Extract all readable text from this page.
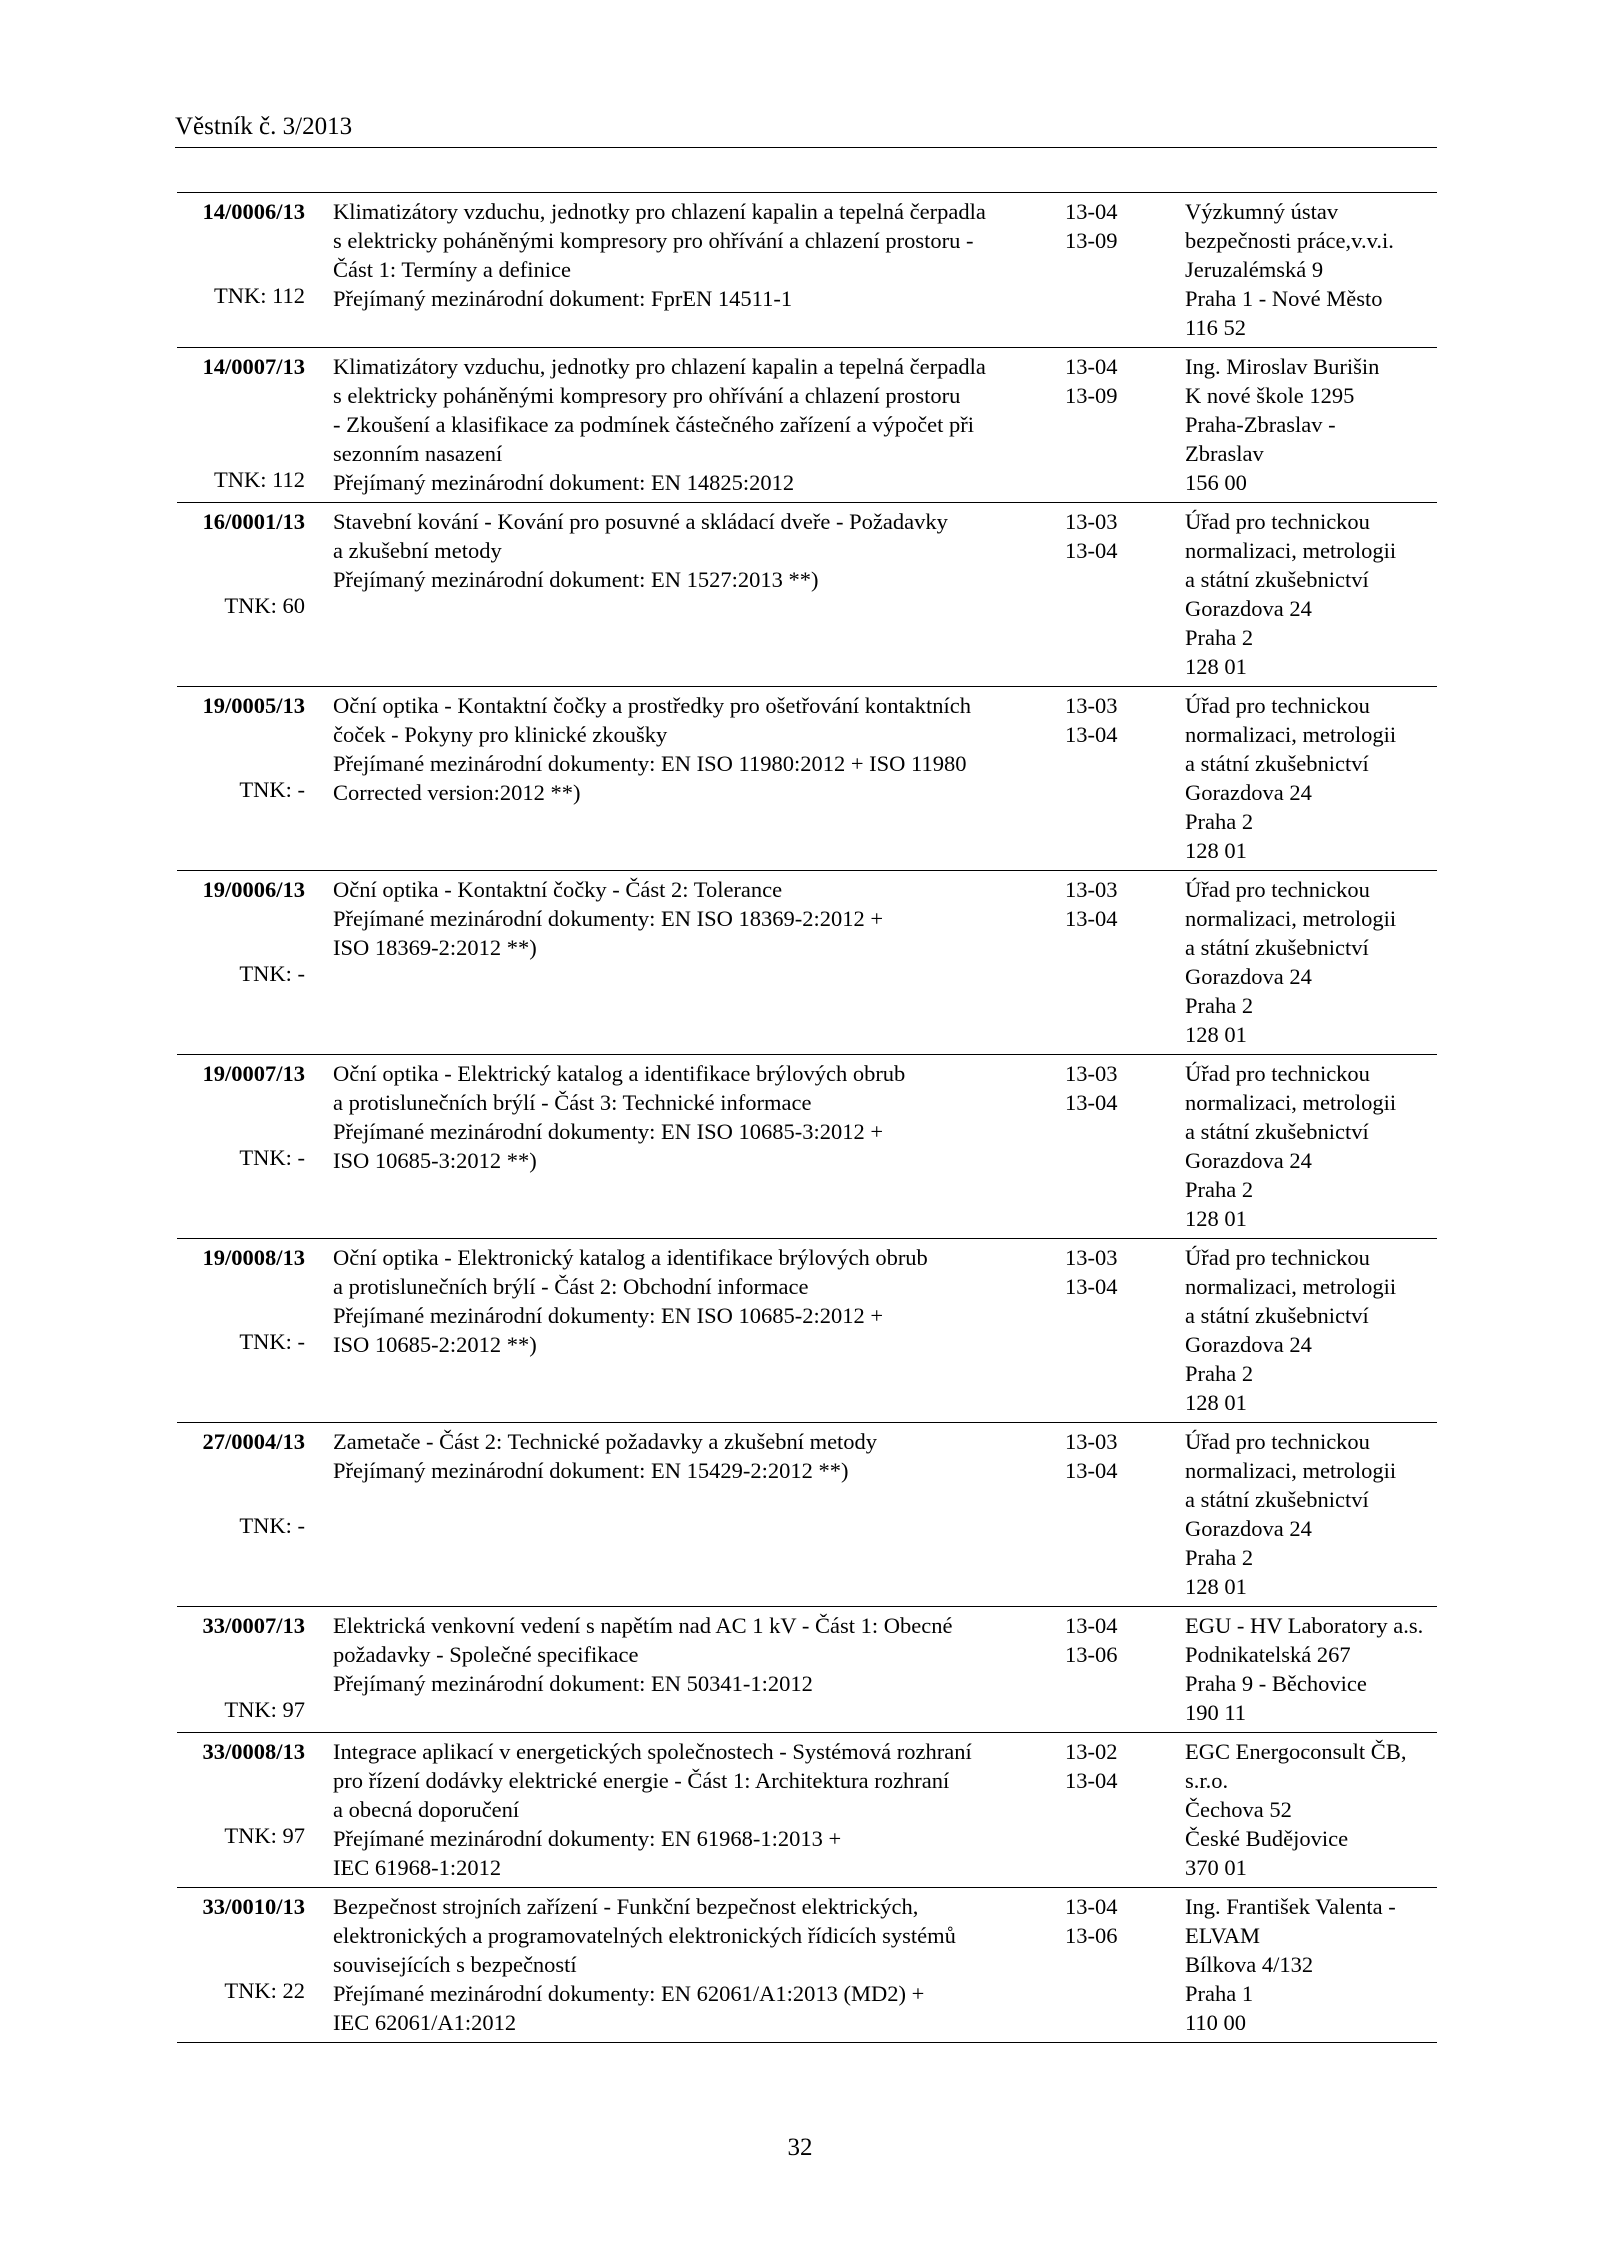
Věstník č. 3/2013
14/0006/13
TNK: 112
Klimatizátory vzduchu, jednotky pro chlazení kapalin a tepelná čerpadla
s elektricky poháněnými kompresory pro ohřívání a chlazení prostoru -
Část 1: Termíny a definice
Přejímaný mezinárodní dokument: FprEN 14511-1
13-04
13-09
Výzkumný ústav
bezpečnosti práce,v.v.i.
Jeruzalémská 9
Praha 1 - Nové Město
116 52
14/0007/13
TNK: 112
Klimatizátory vzduchu, jednotky pro chlazení kapalin a tepelná čerpadla
s elektricky poháněnými kompresory pro ohřívání a chlazení prostoru
- Zkoušení a klasifikace za podmínek částečného zařízení a výpočet při
sezonním nasazení
Přejímaný mezinárodní dokument: EN 14825:2012
13-04
13-09
Ing. Miroslav Burišin
K nové škole 1295
Praha-Zbraslav -
Zbraslav
156 00
16/0001/13
TNK: 60
Stavební kování - Kování pro posuvné a skládací dveře - Požadavky
a zkušební metody
Přejímaný mezinárodní dokument: EN 1527:2013 **)
13-03
13-04
Úřad pro technickou
normalizaci, metrologii
a státní zkušebnictví
Gorazdova 24
Praha 2
128 01
19/0005/13
TNK: -
Oční optika - Kontaktní čočky a prostředky pro ošetřování kontaktních
čoček - Pokyny pro klinické zkoušky
Přejímané mezinárodní dokumenty: EN ISO 11980:2012 + ISO 11980
Corrected version:2012 **)
13-03
13-04
Úřad pro technickou
normalizaci, metrologii
a státní zkušebnictví
Gorazdova 24
Praha 2
128 01
19/0006/13
TNK: -
Oční optika - Kontaktní čočky - Část 2: Tolerance
Přejímané mezinárodní dokumenty: EN ISO 18369-2:2012 +
ISO 18369-2:2012 **)
13-03
13-04
Úřad pro technickou
normalizaci, metrologii
a státní zkušebnictví
Gorazdova 24
Praha 2
128 01
19/0007/13
TNK: -
Oční optika - Elektrický katalog a identifikace brýlových obrub
a protislunečních brýlí - Část 3: Technické informace
Přejímané mezinárodní dokumenty: EN ISO 10685-3:2012 +
ISO 10685-3:2012 **)
13-03
13-04
Úřad pro technickou
normalizaci, metrologii
a státní zkušebnictví
Gorazdova 24
Praha 2
128 01
19/0008/13
TNK: -
Oční optika - Elektronický katalog a identifikace brýlových obrub
a protislunečních brýlí - Část 2: Obchodní informace
Přejímané mezinárodní dokumenty: EN ISO 10685-2:2012 +
ISO 10685-2:2012 **)
13-03
13-04
Úřad pro technickou
normalizaci, metrologii
a státní zkušebnictví
Gorazdova 24
Praha 2
128 01
27/0004/13
TNK: -
Zametače - Část 2: Technické požadavky a zkušební metody
Přejímaný mezinárodní dokument: EN 15429-2:2012 **)
13-03
13-04
Úřad pro technickou
normalizaci, metrologii
a státní zkušebnictví
Gorazdova 24
Praha 2
128 01
33/0007/13
TNK: 97
Elektrická venkovní vedení s napětím nad AC 1 kV - Část 1: Obecné
požadavky - Společné specifikace
Přejímaný mezinárodní dokument: EN 50341-1:2012
13-04
13-06
EGU - HV Laboratory a.s.
Podnikatelská 267
Praha 9 - Běchovice
190 11
33/0008/13
TNK: 97
Integrace aplikací v energetických společnostech - Systémová rozhraní
pro řízení dodávky elektrické energie - Část 1: Architektura rozhraní
a obecná doporučení
Přejímané mezinárodní dokumenty: EN 61968-1:2013 +
IEC 61968-1:2012
13-02
13-04
EGC Energoconsult ČB,
s.r.o.
Čechova 52
České Budějovice
370 01
33/0010/13
TNK: 22
Bezpečnost strojních zařízení - Funkční bezpečnost elektrických,
elektronických a programovatelných elektronických řídicích systémů
souvisejících s bezpečností
Přejímané mezinárodní dokumenty: EN 62061/A1:2013 (MD2) +
IEC 62061/A1:2012
13-04
13-06
Ing. František Valenta -
ELVAM
Bílkova 4/132
Praha 1
110 00
32
